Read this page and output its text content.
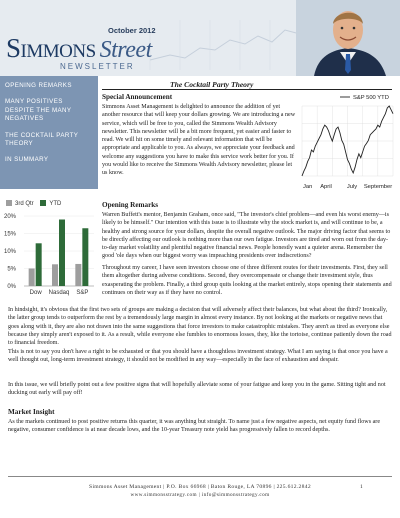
October 2012
Simmons Street
NEWSLETTER
OPENING REMARKS
MANY POSITIVES DESPITE THE MANY NEGATIVES
THE COCKTAIL PARTY THEORY
IN SUMMARY
3rd Qtr	YTD
0%
5%
10%
15%
20%
Dow Nasdaq S&P
The Cocktail Party Theory
Special Announcement

Simmons Asset Management is delighted to announce the addition of yet another resource that will keep your dollars growing. We are introducing a new service, which will be free to you, called the Simmons Wealth Advisory newsletter. This newsletter will be a bit more frequent, yet easier and faster to read. We will hit on some timely and relevant information that will be appropriate and applicable to you. As always, we appreciate your feedback and welcome any suggestions you have to make this service work better for you. If you would like to receive the Simmons Wealth Advisory newsletter, please let us know.

S&P 500 YTD
Jan April	July September
Opening Remarks

Warren Buffett's mentor, Benjamin Graham, once said, "The investor's chief problem—and even his worst enemy—is likely to be himself." Our intention with this issue is to illustrate why the stock market is, and will continue to be, a healthy and strong source for your dollars, despite the overall negative outlook. The major driving factor that seems to be directly affecting our outlook is nothing more than our own fatigue. Investors are tired and worn out from the day-to-day market volatility and plentiful negative financial news. People honestly want a quieter arena. Remember the good 'ole days when our biggest worry was impeaching presidents over indiscretions?

Throughout my career, I have seen investors choose one of three different routes for their investments. First, they sell them altogether during adverse conditions. Second, they overcompensate or change their investment style, thus exasperating the problem. Finally, a third group quits looking at the market entirely, stops opening their statements and continues on their way as if they have no control.

In hindsight, it's obvious that the first two sets of groups are making a decision that will adversely affect their balances, but what about the third? Ironically, the latter group tends to outperform the rest by a tremendously large margin in almost every instance. By not looking at the markets or negative news that goes along with it, they are also not drawn into the same suggestions that force investors to make catastrophic mistakes. They aren't as tired as everyone else because they simply aren't exposed to it. As a result, while everyone else fumbles to enormous losses, they, like the tortoise, continue patiently down the road to financial freedom.

This is not to say you don't have a right to be exhausted or that you should have a thoughtless investment strategy. What I am saying is that once you have a well thought out, long-term investment strategy, it should not be modified in any way—especially in the face of exhaustion and despair.

In this issue, we will briefly point out a few positive signs that will hopefully alleviate some of your fatigue and keep you in the game. Sitting tight and not ducking out early will pay off!

Market Insight

As the markets continued to post positive returns this quarter, it was anything but straight. To name just a few negative aspects, net equity fund flows are negative, consumer confidence is at near decade lows, and the 10-year Treasury note yield has progressively fallen to record depths.

Simmons Asset Management | P.O. Box 66968 | Baton Rouge, LA 70896 | 225.612.2842
www.simmonsstrategy.com | info@simmonsstrategy.com
1
